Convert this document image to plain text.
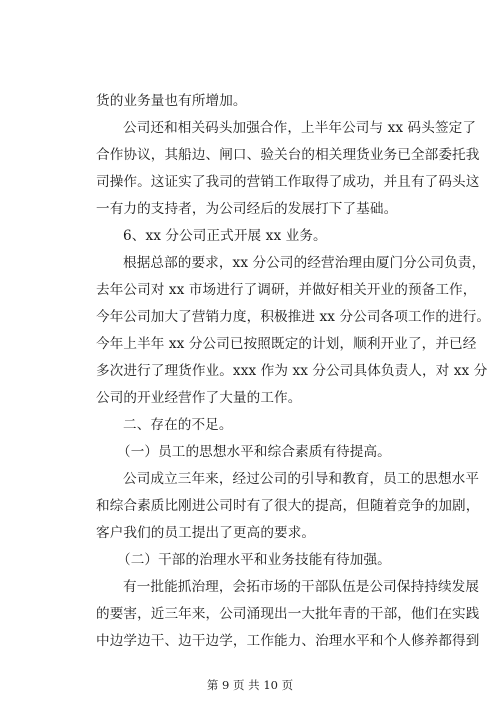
货的业务量也有所增加。
公司还和相关码头加强合作，上半年公司与 xx 码头签定了
合作协议，其船边、闸口、验关台的相关理货业务已全部委托我
司操作。这证实了我司的营销工作取得了成功，并且有了码头这
一有力的支持者，为公司经后的发展打下了基础。
6、xx 分公司正式开展 xx 业务。
根据总部的要求，xx 分公司的经营治理由厦门分公司负责，
去年公司对 xx 市场进行了调研，并做好相关开业的预备工作，
今年公司加大了营销力度，积极推进 xx 分公司各项工作的进行。
今年上半年 xx 分公司已按照既定的计划，顺利开业了，并已经
多次进行了理货作业。xxx 作为 xx 分公司具体负责人，对 xx 分
公司的开业经营作了大量的工作。
二、存在的不足。
（一）员工的思想水平和综合素质有待提高。
公司成立三年来，经过公司的引导和教育，员工的思想水平
和综合素质比刚进公司时有了很大的提高，但随着竞争的加剧，
客户我们的员工提出了更高的要求。
（二）干部的治理水平和业务技能有待加强。
有一批能抓治理，会拓市场的干部队伍是公司保持持续发展
的要害，近三年来，公司涌现出一大批年青的干部，他们在实践
中边学边干、边干边学，工作能力、治理水平和个人修养都得到
第 9 页 共 10 页
